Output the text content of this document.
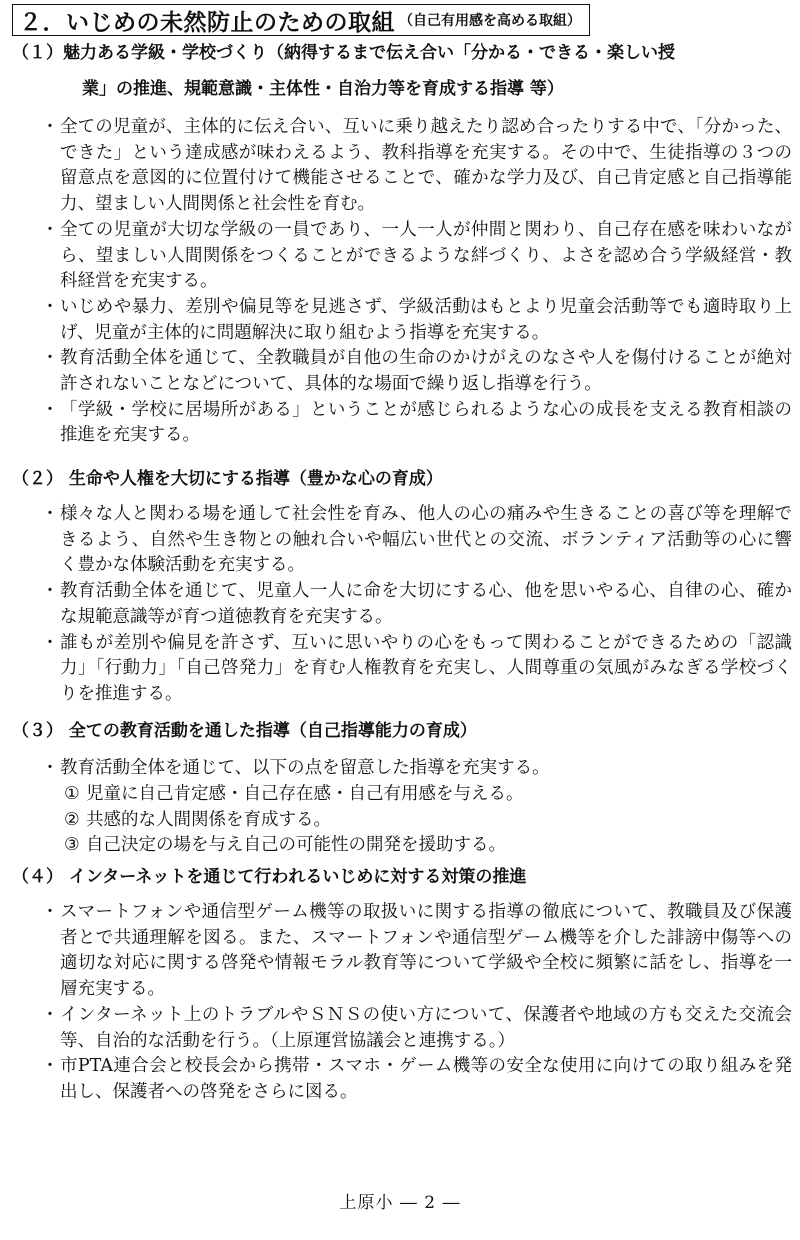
２．いじめの未然防止のための取組 （自己有用感を高める取組）
（１）魅力ある学級・学校づくり（納得するまで伝え合い「分かる・できる・楽しい授
業」の推進、規範意識・主体性・自治力等を育成する指導 等）
・ 全ての児童が、主体的に伝え合い、互いに乗り越えたり認め合ったりする中で、「分かった、できた」という達成感が味わえるよう、教科指導を充実する。その中で、生徒指導の３つの留意点を意図的に位置付けて機能させることで、確かな学力及び、自己肯定感と自己指導能力、望ましい人間関係と社会性を育む。
・ 全ての児童が大切な学級の一員であり、一人一人が仲間と関わり、自己存在感を味わいながら、望ましい人間関係をつくることができるような絆づくり、よさを認め合う学級経営・教科経営を充実する。
・ いじめや暴力、差別や偏見等を見逃さず、学級活動はもとより児童会活動等でも適時取り上げ、児童が主体的に問題解決に取り組むよう指導を充実する。
・ 教育活動全体を通じて、全教職員が自他の生命のかけがえのなさや人を傷付けることが絶対許されないことなどについて、具体的な場面で繰り返し指導を行う。
・ 「学級・学校に居場所がある」ということが感じられるような心の成長を支える教育相談の推進を充実する。
（２） 生命や人権を大切にする指導（豊かな心の育成）
・ 様々な人と関わる場を通して社会性を育み、他人の心の痛みや生きることの喜び等を理解できるよう、自然や生き物との触れ合いや幅広い世代との交流、ボランティア活動等の心に響く豊かな体験活動を充実する。
・ 教育活動全体を通じて、児童人一人に命を大切にする心、他を思いやる心、自律の心、確かな規範意識等が育つ道徳教育を充実する。
・ 誰もが差別や偏見を許さず、互いに思いやりの心をもって関わることができるための「認識力」「行動力」「自己啓発力」を育む人権教育を充実し、人間尊重の気風がみなぎる学校づくりを推進する。
（３） 全ての教育活動を通した指導（自己指導能力の育成）
・ 教育活動全体を通じて、以下の点を留意した指導を充実する。
① 児童に自己肯定感・自己存在感・自己有用感を与える。
② 共感的な人間関係を育成する。
③ 自己決定の場を与え自己の可能性の開発を援助する。
（４） インターネットを通じて行われるいじめに対する対策の推進
・ スマートフォンや通信型ゲーム機等の取扱いに関する指導の徹底について、教職員及び保護者とで共通理解を図る。また、スマートフォンや通信型ゲーム機等を介した誹謗中傷等への適切な対応に関する啓発や情報モラル教育等について学級や全校に頻繁に話をし、指導を一層充実する。
・ インターネット上のトラブルやＳＮＳの使い方について、保護者や地域の方も交えた交流会等、自治的な活動を行う。（上原運営協議会と連携する。）
・ 市PTA連合会と校長会から携帯・スマホ・ゲーム機等の安全な使用に向けての取り組みを発出し、保護者への啓発をさらに図る。
上原小 ― 2 ―
